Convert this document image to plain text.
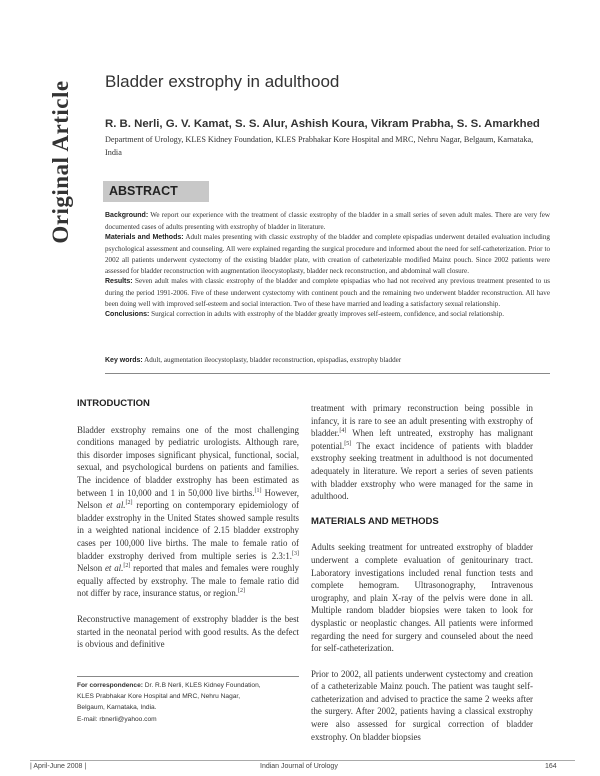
Original Article Bladder exstrophy in adulthood
R. B. Nerli, G. V. Kamat, S. S. Alur, Ashish Koura, Vikram Prabha, S. S. Amarkhed
Department of Urology, KLES Kidney Foundation, KLES Prabhakar Kore Hospital and MRC, Nehru Nagar, Belgaum, Karnataka, India
ABSTRACT

Background: We report our experience with the treatment of classic exstrophy of the bladder in a small series of seven adult males. There are very few documented cases of adults presenting with exstrophy of bladder in literature.

Materials and Methods: Adult males presenting with classic exstrophy of the bladder and complete epispadias underwent detailed evaluation including psychological assessment and counseling. All were explained regarding the surgical procedure and informed about the need for self-catheterization. Prior to 2002 all patients underwent cystectomy of the existing bladder plate, with creation of catheterizable modified Mainz pouch. Since 2002 patients were assessed for bladder reconstruction with augmentation ileocystoplasty, bladder neck reconstruction, and abdominal wall closure.

Results: Seven adult males with classic exstrophy of the bladder and complete epispadias who had not received any previous treatment presented to us during the period 1991-2006. Five of these underwent cystectomy with continent pouch and the remaining two underwent bladder reconstruction. All have been doing well with improved self-esteem and social interaction. Two of these have married and leading a satisfactory sexual relationship.

Conclusions: Surgical correction in adults with exstrophy of the bladder greatly improves self-esteem, confidence, and social relationship.

Key words: Adult, augmentation ileocystoplasty, bladder reconstruction, epispadias, exstrophy bladder
INTRODUCTION

Bladder exstrophy remains one of the most challenging conditions managed by pediatric urologists. Although rare, this disorder imposes significant physical, functional, social, sexual, and psychological burdens on patients and families. The incidence of bladder exstrophy has been estimated as between 1 in 10,000 and 1 in 50,000 live births.[1] However, Nelson et al.[2] reporting on contemporary epidemiology of bladder exstrophy in the United States showed sample results in a weighted national incidence of 2.15 bladder exstrophy cases per 100,000 live births. The male to female ratio of bladder exstrophy derived from multiple series is 2.3:1.[3] Nelson et al.[2] reported that males and females were roughly equally affected by exstrophy. The male to female ratio did not differ by race, insurance status, or region.[2]

Reconstructive management of exstrophy bladder is the best started in the neonatal period with good results. As the defect is obvious and definitive

treatment with primary reconstruction being possible in infancy, it is rare to see an adult presenting with exstrophy of bladder.[4] When left untreated, exstrophy has malignant potential.[5] The exact incidence of patients with bladder exstrophy seeking treatment in adulthood is not documented adequately in literature. We report a series of seven patients with bladder exstrophy who were managed for the same in adulthood.

MATERIALS AND METHODS

Adults seeking treatment for untreated exstrophy of bladder underwent a complete evaluation of genitourinary tract. Laboratory investigations included renal function tests and complete hemogram. Ultrasonography, Intravenous urography, and plain X-ray of the pelvis were done in all. Multiple random bladder biopsies were taken to look for dysplastic or neoplastic changes. All patients were informed regarding the need for surgery and counseled about the need for self-catheterization.

Prior to 2002, all patients underwent cystectomy and creation of a catheterizable Mainz pouch. The patient was taught self-catheterization and advised to practice the same 2 weeks after the surgery. After 2002, patients having a classical exstrophy were also assessed for surgical correction of bladder exstrophy. On bladder biopsies

For correspondence: Dr. R.B Nerli, KLES Kidney Foundation,
KLES Prabhakar Kore Hospital and MRC, Nehru Nagar,
Belgaum, Karnataka, India.
E-mail: rbnerli@yahoo.com
| April-June 2008 |	Indian Journal of Urology	164
